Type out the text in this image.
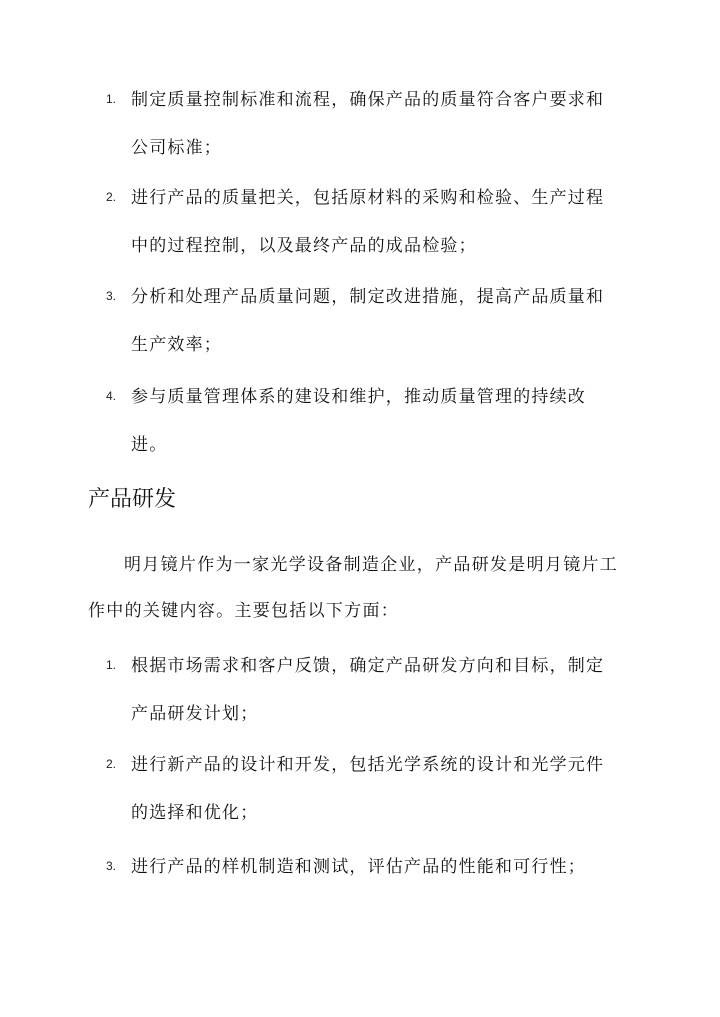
1. 制定质量控制标准和流程，确保产品的质量符合客户要求和公司标准；
2. 进行产品的质量把关，包括原材料的采购和检验、生产过程中的过程控制，以及最终产品的成品检验；
3. 分析和处理产品质量问题，制定改进措施，提高产品质量和生产效率；
4. 参与质量管理体系的建设和维护，推动质量管理的持续改进。
产品研发

明月镜片作为一家光学设备制造企业，产品研发是明月镜片工作中的关键内容。主要包括以下方面：

1. 根据市场需求和客户反馈，确定产品研发方向和目标，制定产品研发计划；
2. 进行新产品的设计和开发，包括光学系统的设计和光学元件的选择和优化；
3. 进行产品的样机制造和测试，评估产品的性能和可行性；
